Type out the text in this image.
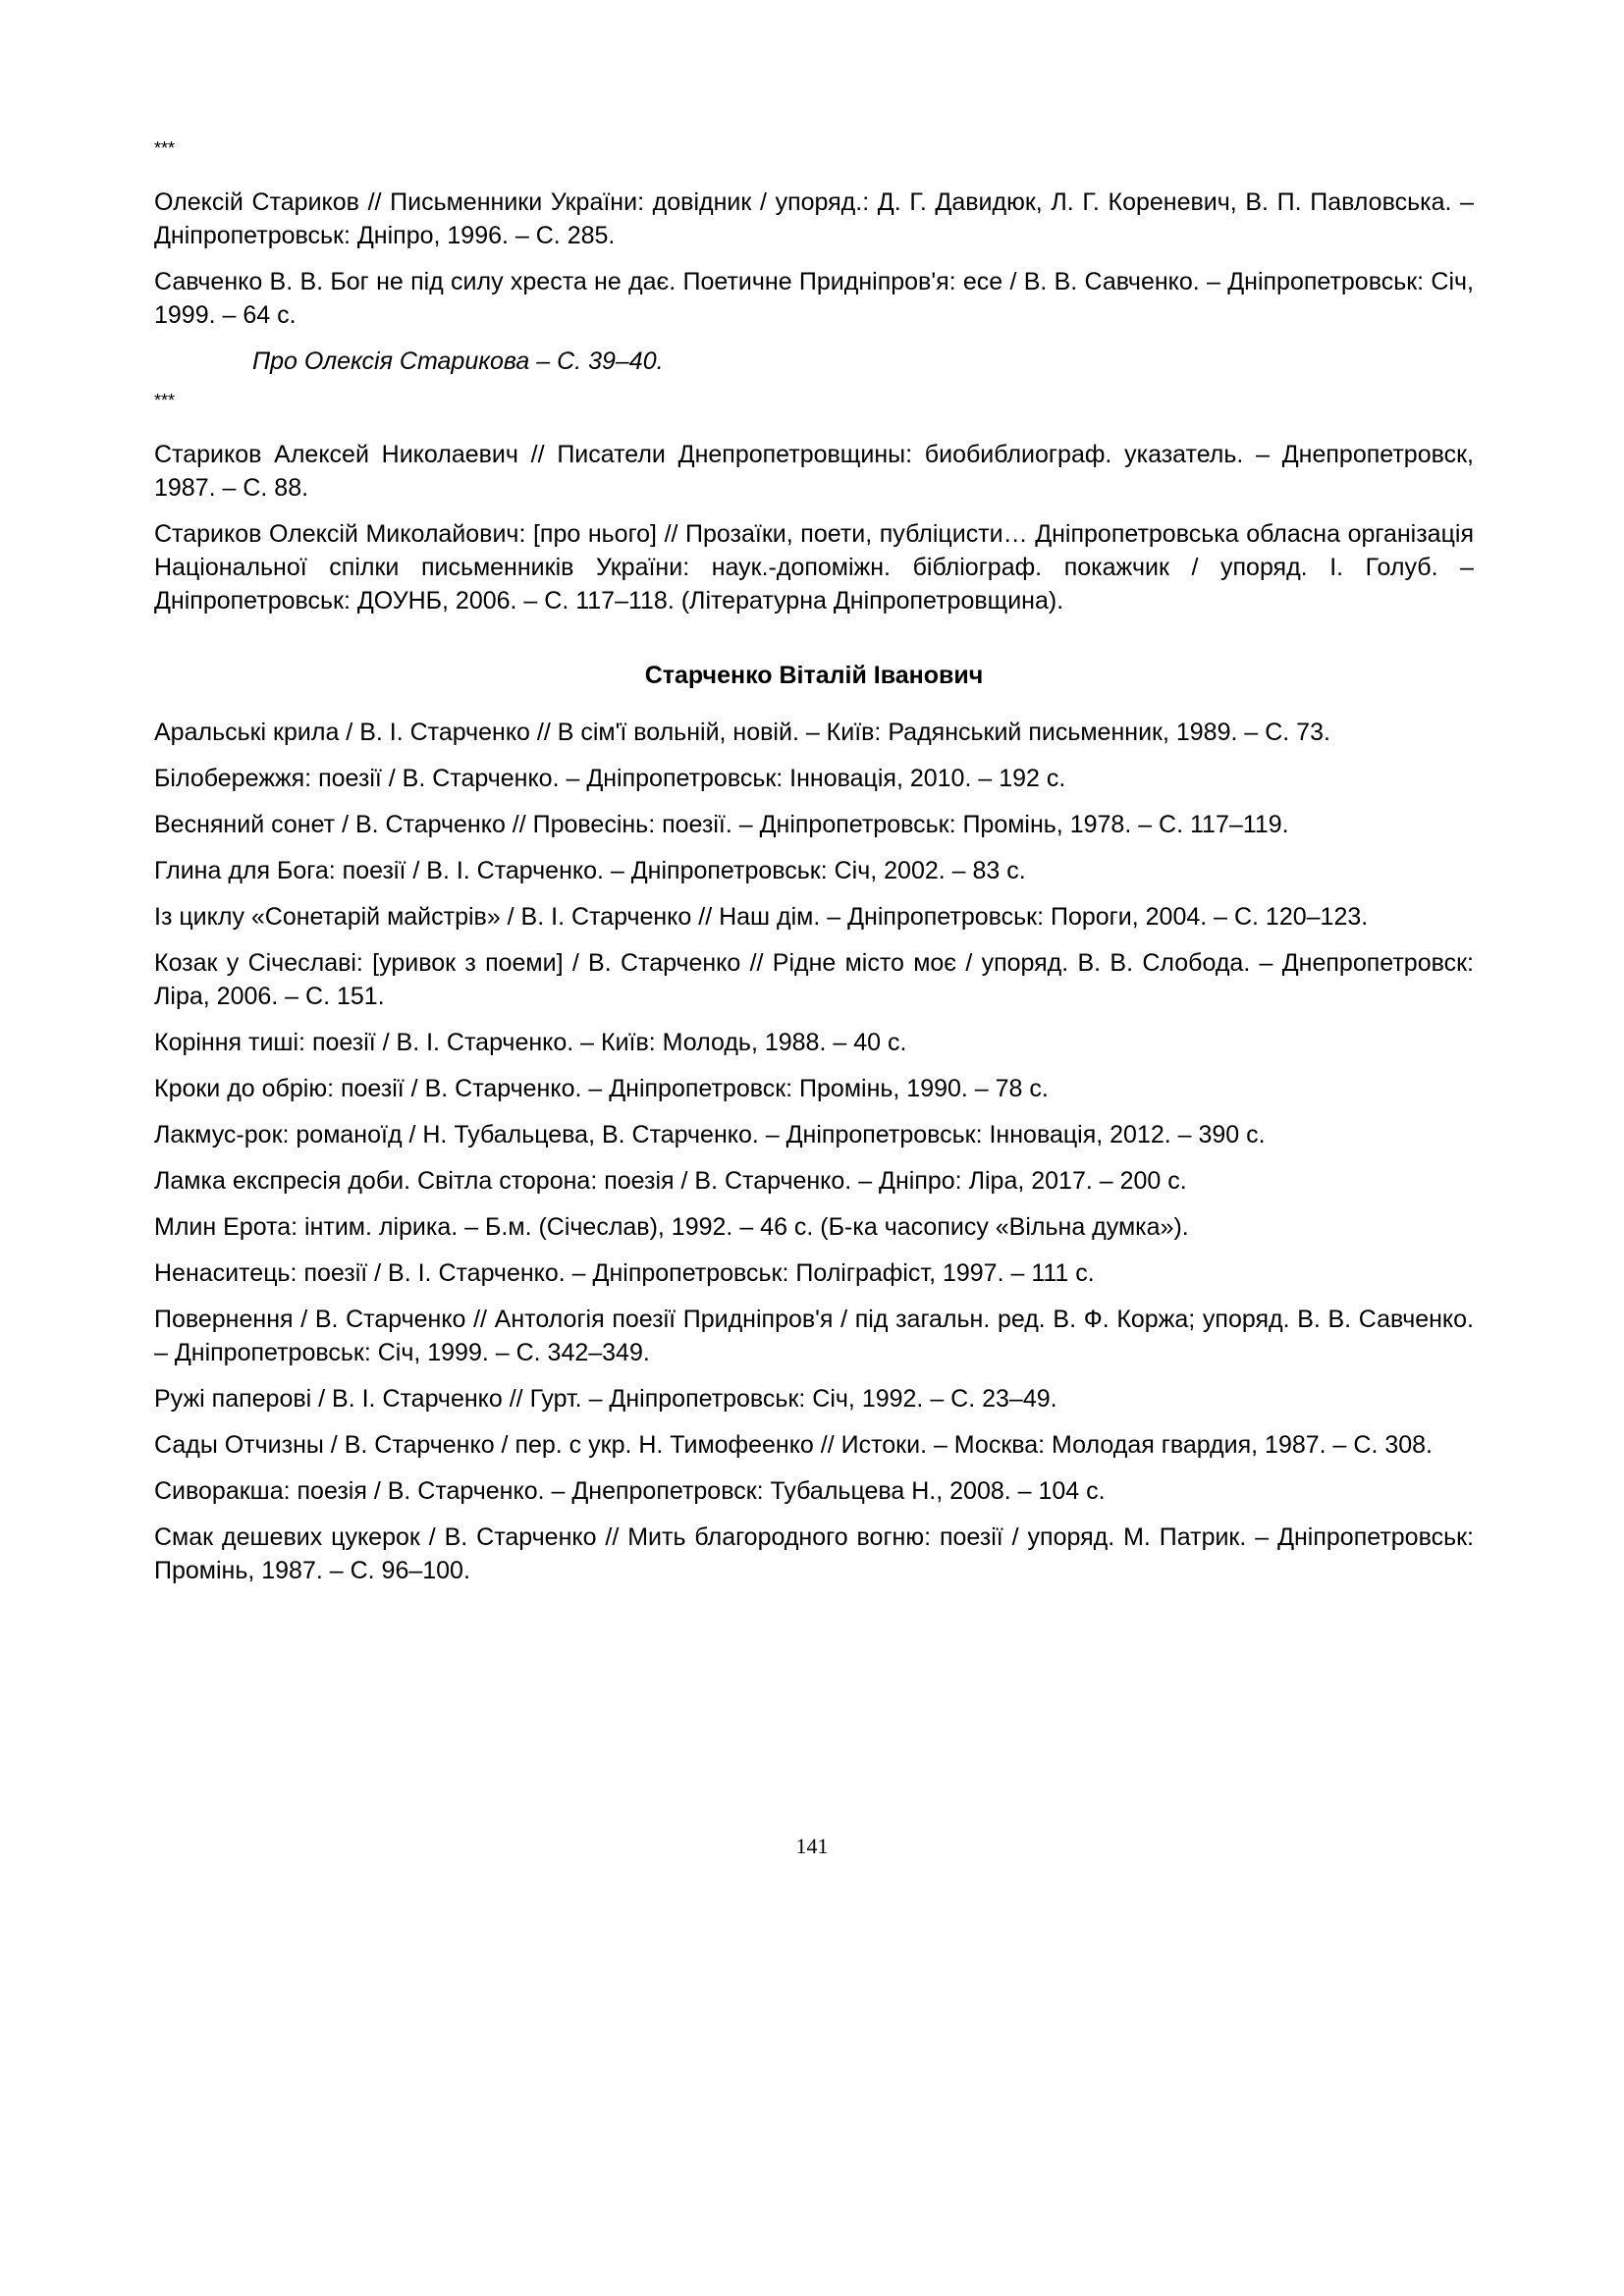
***

Олексій Стариков // Письменники України: довідник / упоряд.: Д. Г. Давидюк, Л. Г. Кореневич, В. П. Павловська. – Дніпропетровськ: Дніпро, 1996. – С. 285.

Савченко В. В. Бог не під силу хреста не дає. Поетичне Придніпров'я: есе / В. В. Савченко. – Дніпропетровськ: Січ, 1999. – 64 с.

Про Олексія Старикова – С. 39–40.

***

Стариков Алексей Николаевич // Писатели Днепропетровщины: биобиблиограф. указатель. – Днепропетровск, 1987. – С. 88.

Стариков Олексій Миколайович: [про нього] // Прозаїки, поети, публіцисти… Дніпропетровська обласна організація Національної спілки письменників України: наук.-допоміжн. бібліограф. покажчик / упоряд. І. Голуб. – Дніпропетровськ: ДОУНБ, 2006. – С. 117–118. (Літературна Дніпропетровщина).

Старченко Віталій Іванович

Аральські крила / В. І. Старченко // В сім'ї вольній, новій. – Київ: Радянський письменник, 1989. – С. 73.

Білобережжя: поезії / В. Старченко. – Дніпропетровськ: Інновація, 2010. – 192 с.

Весняний сонет / В. Старченко // Провесінь: поезії. – Дніпропетровськ: Промінь, 1978. – С. 117–119.

Глина для Бога: поезії / В. І. Старченко. – Дніпропетровськ: Січ, 2002. – 83 с.

Із циклу «Сонетарій майстрів» / В. І. Старченко // Наш дім. – Дніпропетровськ: Пороги, 2004. – С. 120–123.

Козак у Січеславі: [уривок з поеми] / В. Старченко // Рідне місто моє / упоряд. В. В. Слобода. – Днепропетровск: Ліра, 2006. – С. 151.

Коріння тиші: поезії / В. І. Старченко. – Київ: Молодь, 1988. – 40 с.

Кроки до обрію: поезії / В. Старченко. – Дніпропетровск: Промінь, 1990. – 78 с.

Лакмус-рок: романоїд / Н. Тубальцева, В. Старченко. – Дніпропетровськ: Інновація, 2012. – 390 с.

Ламка експресія доби. Світла сторона: поезія / В. Старченко. – Дніпро: Ліра, 2017. – 200 с.

Млин Ерота: інтим. лірика. – Б.м. (Січеслав), 1992. – 46 с. (Б-ка часопису «Вільна думка»).

Ненаситець: поезії / В. І. Старченко. – Дніпропетровськ: Поліграфіст, 1997. – 111 с.

Повернення / В. Старченко // Антологія поезії Придніпров'я / під загальн. ред. В. Ф. Коржа; упоряд. В. В. Савченко. – Дніпропетровськ: Січ, 1999. – С. 342–349.

Ружі паперові / В. І. Старченко // Гурт. – Дніпропетровськ: Січ, 1992. – С. 23–49.

Сады Отчизны / В. Старченко / пер. с укр. Н. Тимофеенко // Истоки. – Москва: Молодая гвардия, 1987. – С. 308.

Сиворакша: поезія / В. Старченко. – Днепропетровск: Тубальцева Н., 2008. – 104 с.

Смак дешевих цукерок / В. Старченко // Мить благородного вогню: поезії / упоряд. М. Патрик. – Дніпропетровськ: Промінь, 1987. – С. 96–100.

141
